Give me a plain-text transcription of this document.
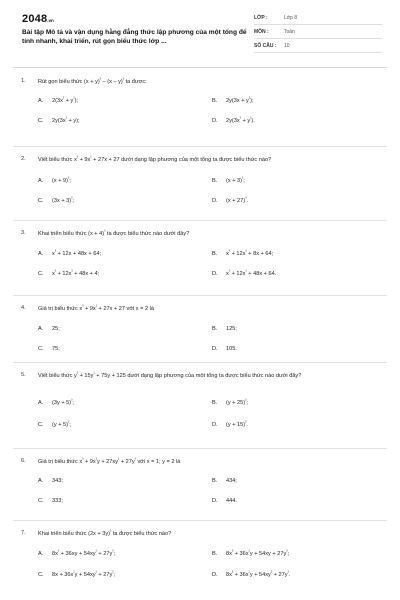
2048.vn
Bài tập Mô tả và vận dụng hằng đẳng thức lập phương của một tổng để tính nhanh, khai triển, rút gọn biểu thức lớp ...
LỚP :	Lớp 8
MÔN :	Toán
SỐ CÂU :	10
1. Rút gọn biểu thức $(x + y)^{^3} - (x - y)^{^3}$ ta được:
A. $2(3x^{^2} + y^{^2})$;	B. $2y(3x + y^{^2})$;
C. $2y(3x^{^2} + y)$;	D. $2y(3x^{^2} + y^{^2})$.
2. Viết biểu thức $x^{^3} + 9x^{^2} + 27x + 27$ dưới dạng lập phương của một tổng ta được biểu thức nào?
A. $(x + 9)^{^3}$;	B. $(x + 3)^{^3}$;
C. $(3x + 3)^{^3}$;	D. $(x + 27)^{^3}$.
3. Khai triển biểu thức $(x + 4)^{^3}$ ta được biểu thức nào dưới đây?
A. $x^{^3} + 12x + 48x + 64$;	B. $x^{^3} + 12x^{^2} + 8x + 64$;
C. $x^{^3} + 12x^{^2} + 48x + 4$;	D. $x^{^3} + 12x^{^2} + 48x + 64$.
4. Giá trị biểu thức $x^{^3} + 9x^{^2} + 27x + 27$ với x = 2 là
A. 25;	B. 125;
C. 75;	D. 105.
5. Viết biểu thức $y^{^3} + 15y^{^2} + 75y + 125$ dưới dạng lập phương của một tổng ta được biểu thức nào dưới đây?
A. $(3y + 5)^{^3}$;	B. $(y + 25)^{^3}$;
C. $(y + 5)^{^3}$;	D. $(y + 15)^{^3}$.
6. Giá trị biểu thức $x^{^3} + 9x^{^2}y + 27xy^{^2} + 27y^{^3}$ với x = 1; y = 2 là
A. 343;	B. 434;
C. 333;	D. 444.
7. Khai triển biểu thức $(2x + 3y)^{^3}$ ta được biểu thức nào?
A. $8x^{^3} + 36xy + 54xy^{^2} + 27y^{^3}$;	B. $8x^{^3} + 36x^{^2}y + 54xy + 27y^{^3}$;
C. $8x + 36x^{^2}y + 54xy^{^2} + 27y^{^3}$;	D. $8x^{^3} + 36x^{^2}y + 54xy^{^2} + 27y^{^3}$.
